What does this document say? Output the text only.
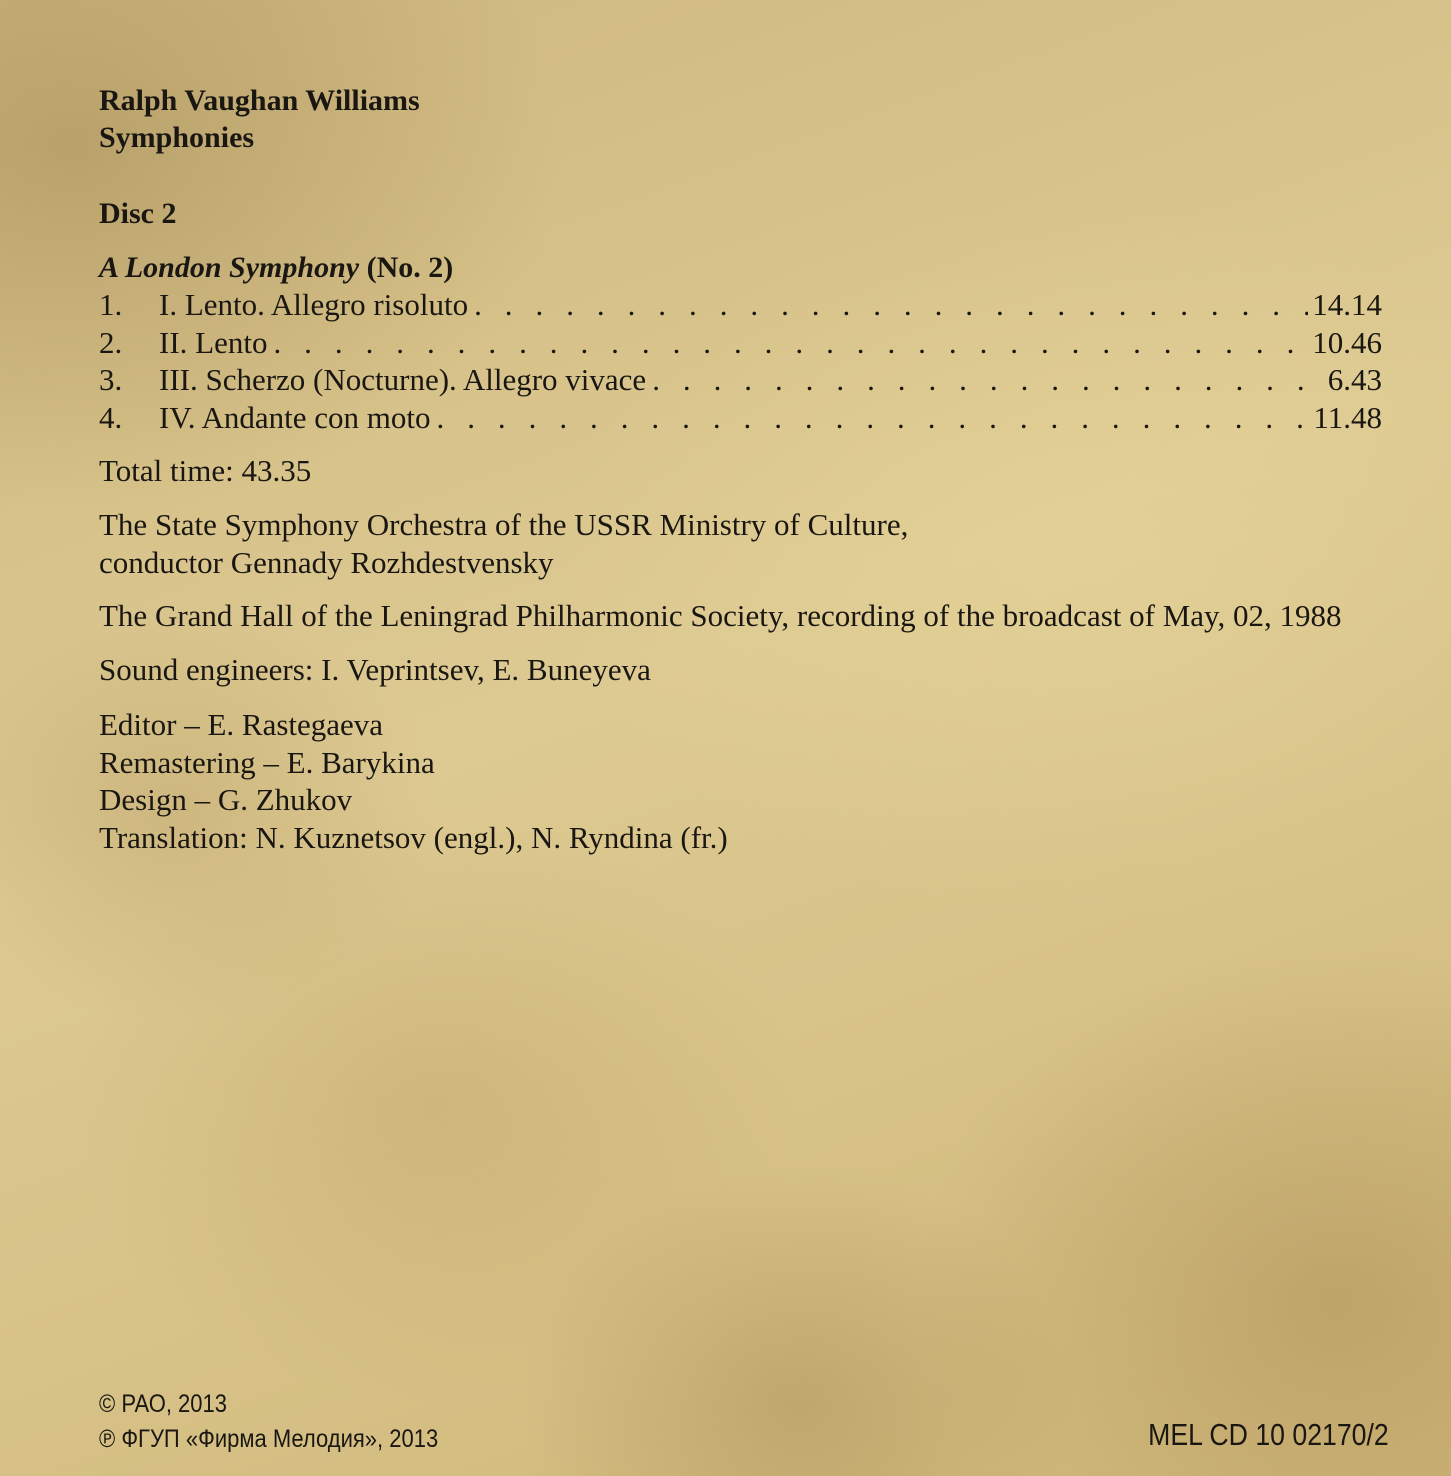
Ralph Vaughan Williams
Symphonies
Disc 2
A London Symphony (No. 2)
1.	I. Lento. Allegro risoluto . . .	14.14
2.	II. Lento . . .	10.46
3.	III. Scherzo (Nocturne). Allegro vivace . . .	6.43
4.	IV. Andante con moto . . .	11.48
Total time: 43.35
The State Symphony Orchestra of the USSR Ministry of Culture,
conductor Gennady Rozhdestvensky
The Grand Hall of the Leningrad Philharmonic Society, recording of the broadcast of May, 02, 1988
Sound engineers: I. Veprintsev, E. Buneyeva
Editor – E. Rastegaeva
Remastering – E. Barykina
Design – G. Zhukov
Translation: N. Kuznetsov (engl.), N. Ryndina (fr.)
© РАО, 2013
℗ ФГУП «Фирма Мелодия», 2013	MEL CD 10 02170/2
